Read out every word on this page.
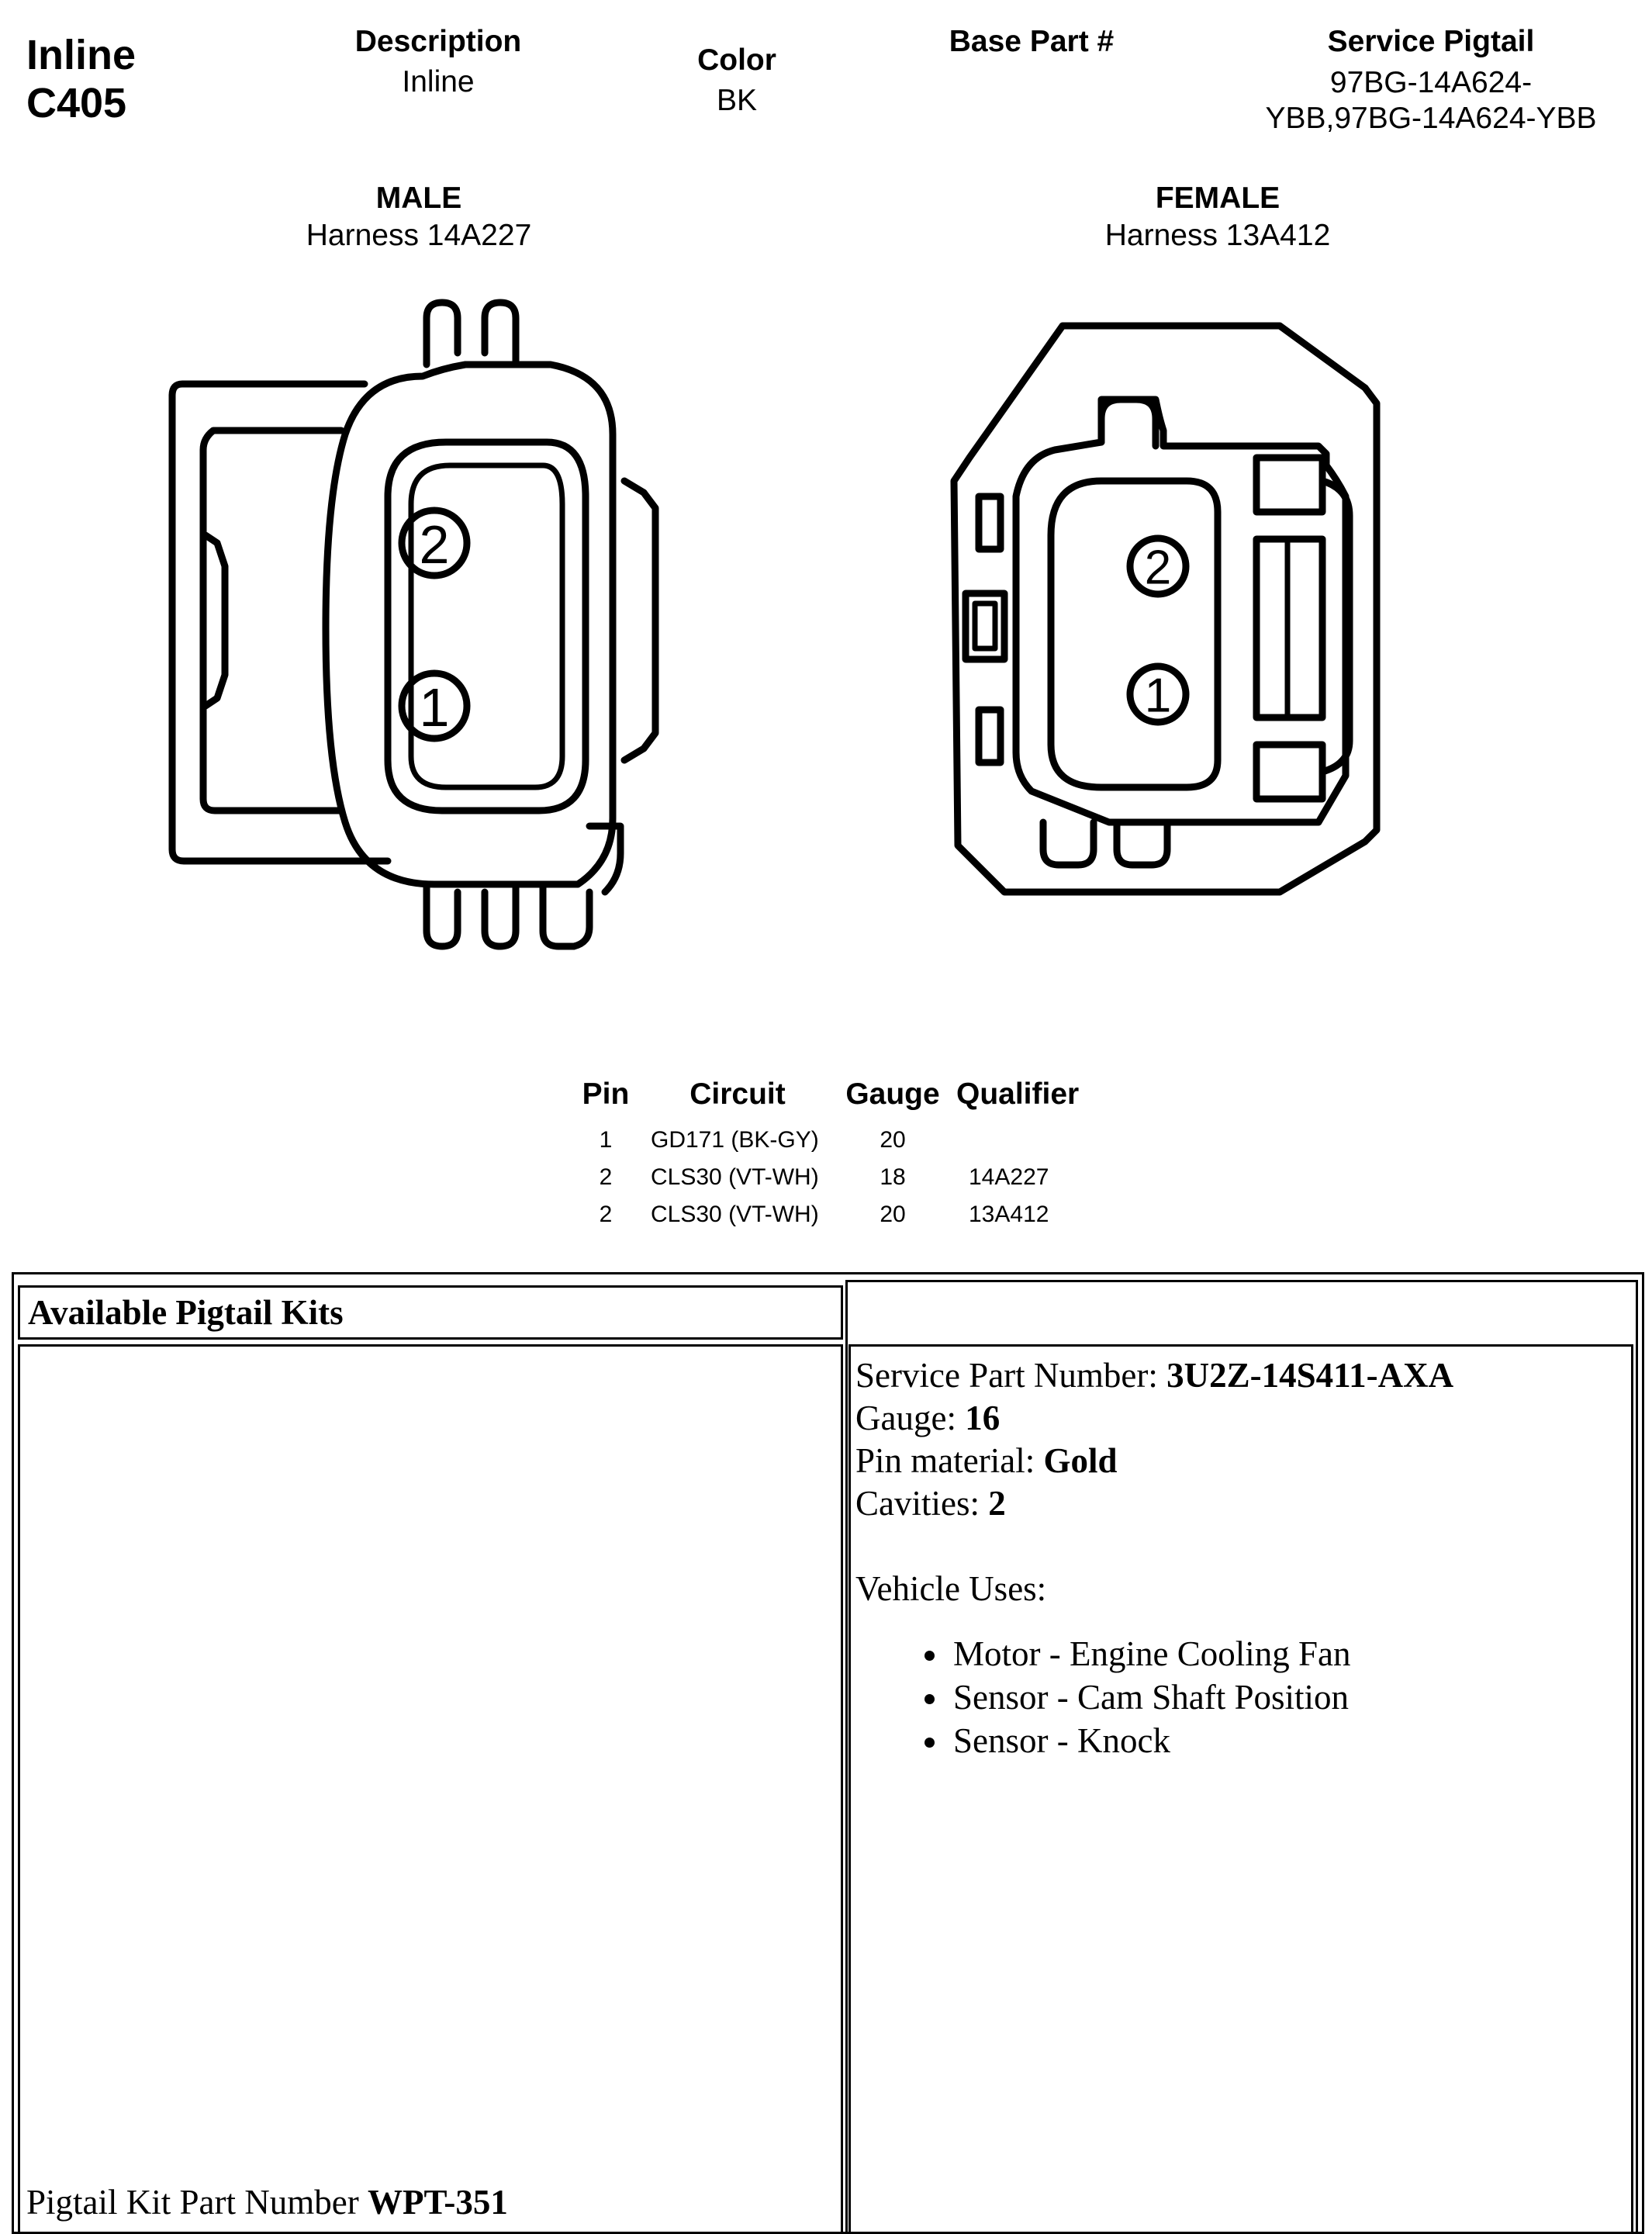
Inline
C405
Description
Inline
Color
BK
Base Part #	Service Pigtail
97BG-14A624-
YBB,97BG-14A624-YBB
MALE
Harness 14A227
FEMALE
Harness 13A412
2
1
2
1
Pin	Circuit	Gauge	Qualifier
1	GD171 (BK-GY)	20	
2	CLS30 (VT-WH)	18	14A227
2	CLS30 (VT-WH)	20	13A412
Available Pigtail Kits
Pigtail Kit Part Number WPT-351
Service Part Number: 3U2Z-14S411-AXA
Gauge: 16
Pin material: Gold
Cavities: 2
Vehicle Uses:
• Motor - Engine Cooling Fan
• Sensor - Cam Shaft Position
• Sensor - Knock
